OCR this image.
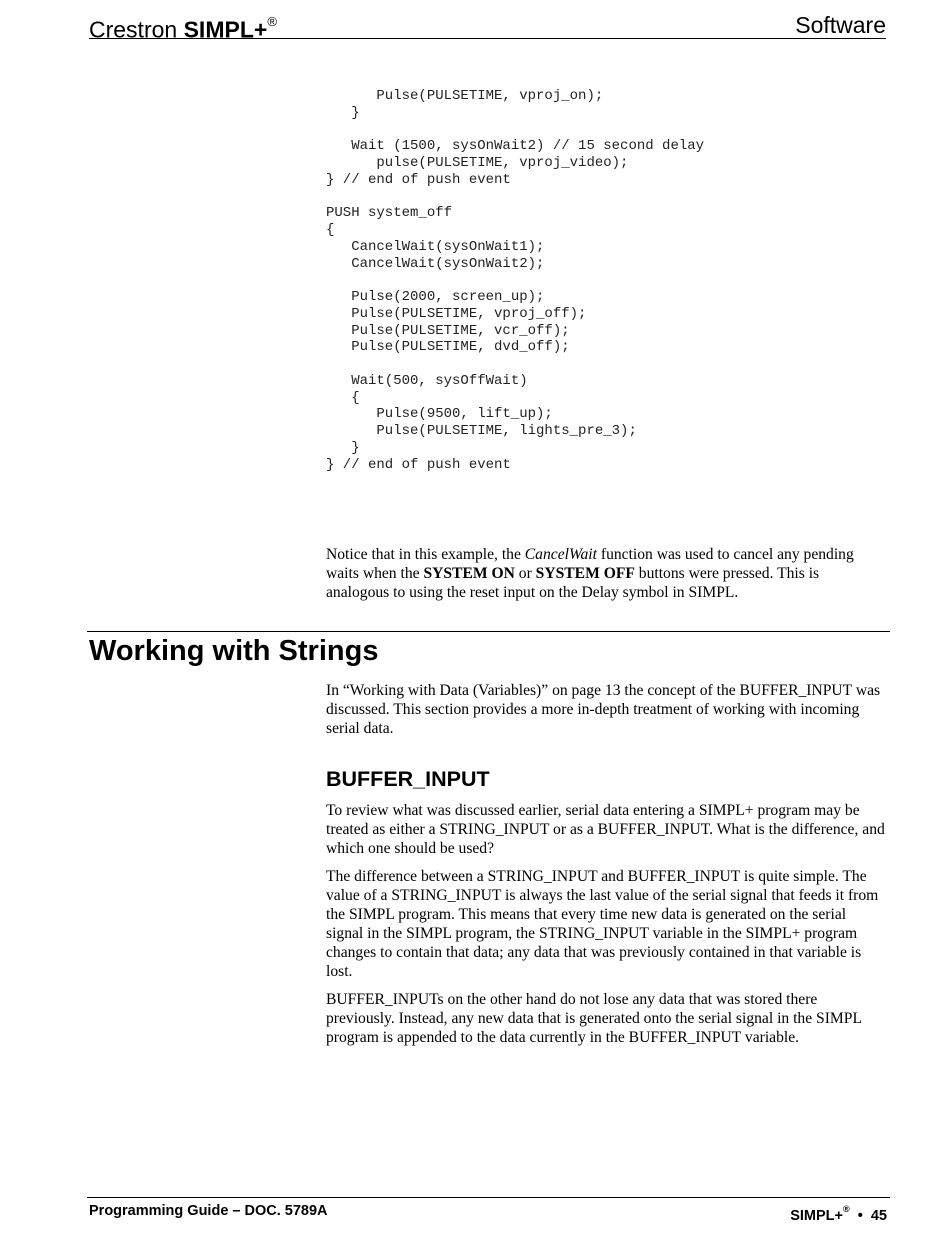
Crestron SIMPL+®	Software
Pulse(PULSETIME, vproj_on);
}

Wait (1500, sysOnWait2) // 15 second delay
pulse(PULSETIME, vproj_video);
} // end of push event

PUSH system_off
{
CancelWait(sysOnWait1);
CancelWait(sysOnWait2);

Pulse(2000, screen_up);
Pulse(PULSETIME, vproj_off);
Pulse(PULSETIME, vcr_off);
Pulse(PULSETIME, dvd_off);

Wait(500, sysOffWait)
{
Pulse(9500, lift_up);
Pulse(PULSETIME, lights_pre_3);
}
} // end of push event

Notice that in this example, the CancelWait function was used to cancel any pending waits when the SYSTEM ON or SYSTEM OFF buttons were pressed. This is analogous to using the reset input on the Delay symbol in SIMPL.

Working with Strings

In “Working with Data (Variables)” on page 13 the concept of the BUFFER_INPUT was discussed. This section provides a more in-depth treatment of working with incoming serial data.

BUFFER_INPUT

To review what was discussed earlier, serial data entering a SIMPL+ program may be treated as either a STRING_INPUT or as a BUFFER_INPUT. What is the difference, and which one should be used?

The difference between a STRING_INPUT and BUFFER_INPUT is quite simple. The value of a STRING_INPUT is always the last value of the serial signal that feeds it from the SIMPL program. This means that every time new data is generated on the serial signal in the SIMPL program, the STRING_INPUT variable in the SIMPL+ program changes to contain that data; any data that was previously contained in that variable is lost.

BUFFER_INPUTs on the other hand do not lose any data that was stored there previously. Instead, any new data that is generated onto the serial signal in the SIMPL program is appended to the data currently in the BUFFER_INPUT variable.

Programming Guide – DOC. 5789A	SIMPL+® • 45
